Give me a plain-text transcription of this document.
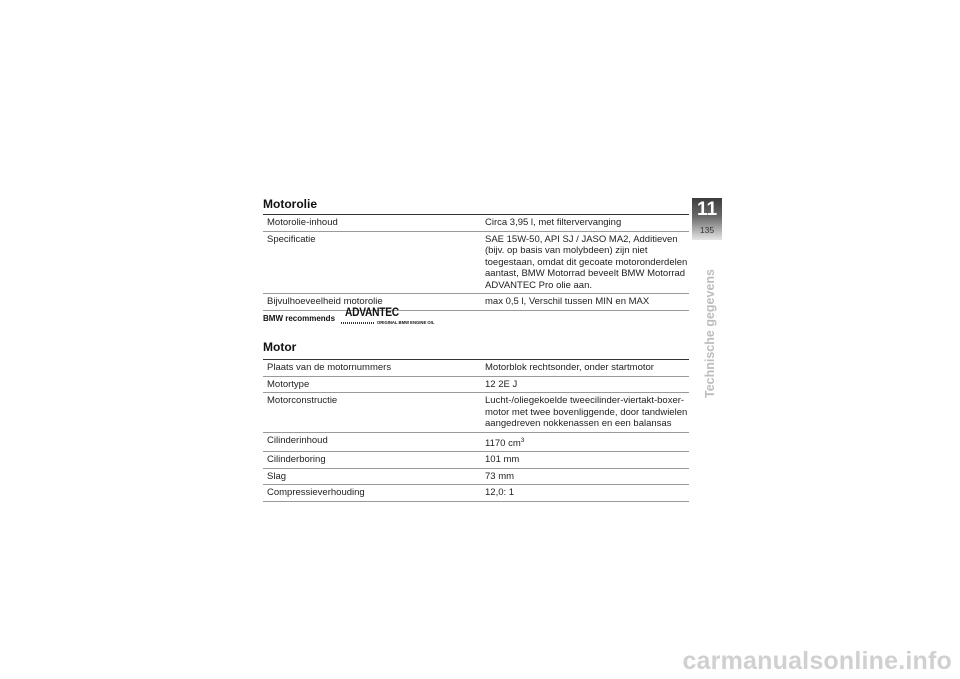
Motorolie
Motorolie-inhoud	Circa 3,95 l, met filtervervanging
Specificatie	SAE 15W-50, API SJ / JASO MA2, Additieven (bijv. op basis van molybdeen) zijn niet toegestaan, omdat dit gecoate motoronderdelen aantast, BMW Motorrad beveelt BMW Motorrad ADVANTEC Pro olie aan.
Bijvulhoeveelheid motorolie	max 0,5 l, Verschil tussen MIN en MAX
BMW recommends ADVANTEC
ORIGINAL BMW ENGINE OIL
Motor
Plaats van de motornummers	Motorblok rechtsonder, onder startmotor
Motortype	12 2E J
Motorconstructie	Lucht-/oliegekoelde tweecilinder-viertakt-boxer-motor met twee bovenliggende, door tandwielen aangedreven nokkenassen en een balansas
Cilinderinhoud	1170 $cm^3$
Cilinderboring	101 mm
Slag	73 mm
Compressieverhouding	12,0: 1
11
135
Technische gegevens
carmanualsonline.info
